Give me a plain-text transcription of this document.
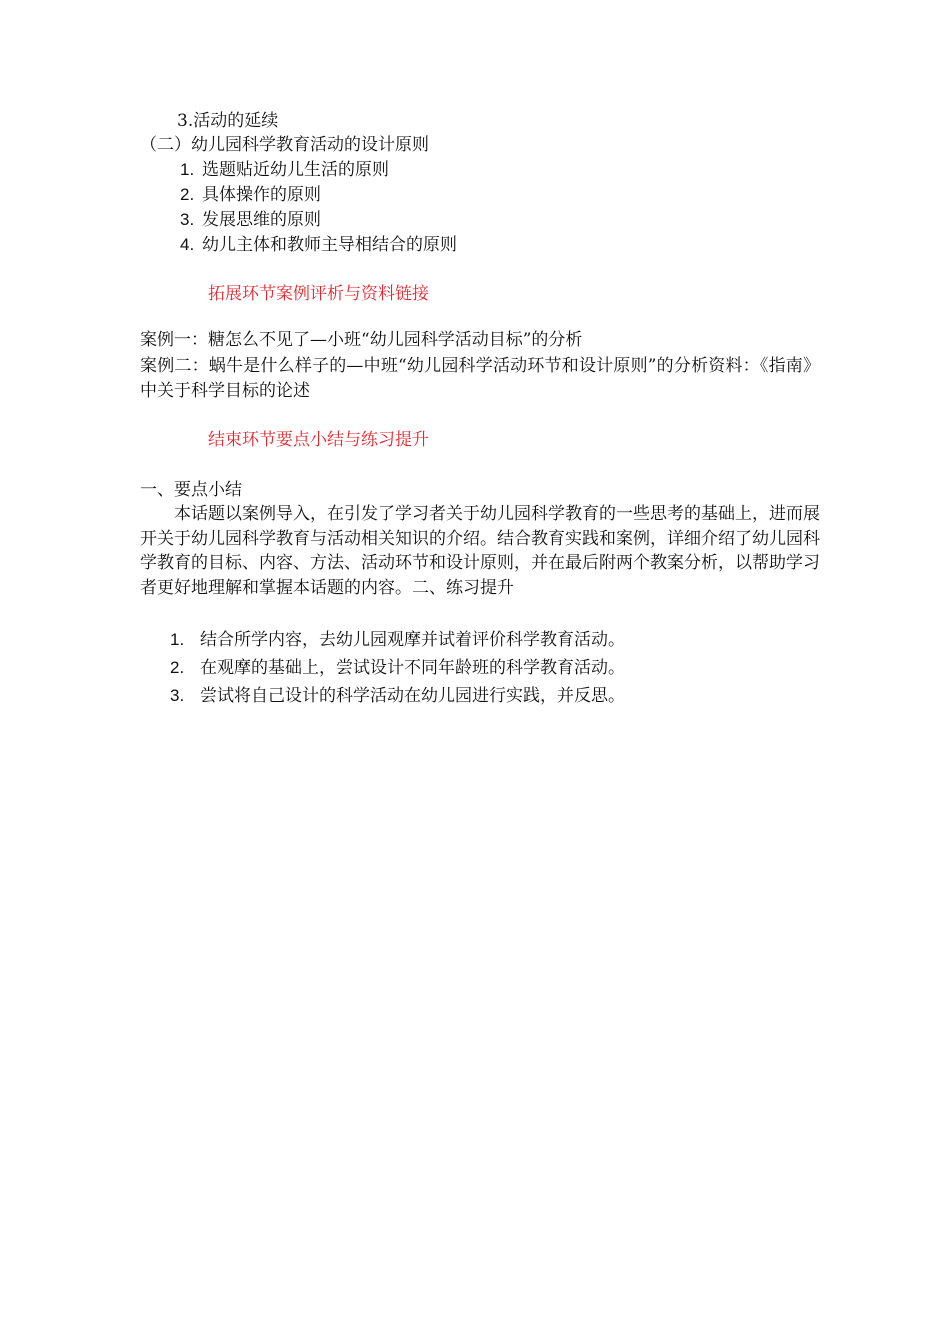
3.活动的延续
（二）幼儿园科学教育活动的设计原则
1. 选题贴近幼儿生活的原则
2. 具体操作的原则
3. 发展思维的原则
4. 幼儿主体和教师主导相结合的原则
拓展环节案例评析与资料链接
案例一：糖怎么不见了—小班“幼儿园科学活动目标”的分析
案例二：蜗牛是什么样子的—中班“幼儿园科学活动环节和设计原则”的分析资料：《指南》中关于科学目标的论述
结束环节要点小结与练习提升
一、要点小结
本话题以案例导入，在引发了学习者关于幼儿园科学教育的一些思考的基础上，进而展开关于幼儿园科学教育与活动相关知识的介绍。结合教育实践和案例，详细介绍了幼儿园科学教育的目标、内容、方法、活动环节和设计原则，并在最后附两个教案分析，以帮助学习者更好地理解和掌握本话题的内容。二、练习提升
1. 结合所学内容，去幼儿园观摩并试着评价科学教育活动。
2. 在观摩的基础上，尝试设计不同年龄班的科学教育活动。
3. 尝试将自己设计的科学活动在幼儿园进行实践，并反思。
